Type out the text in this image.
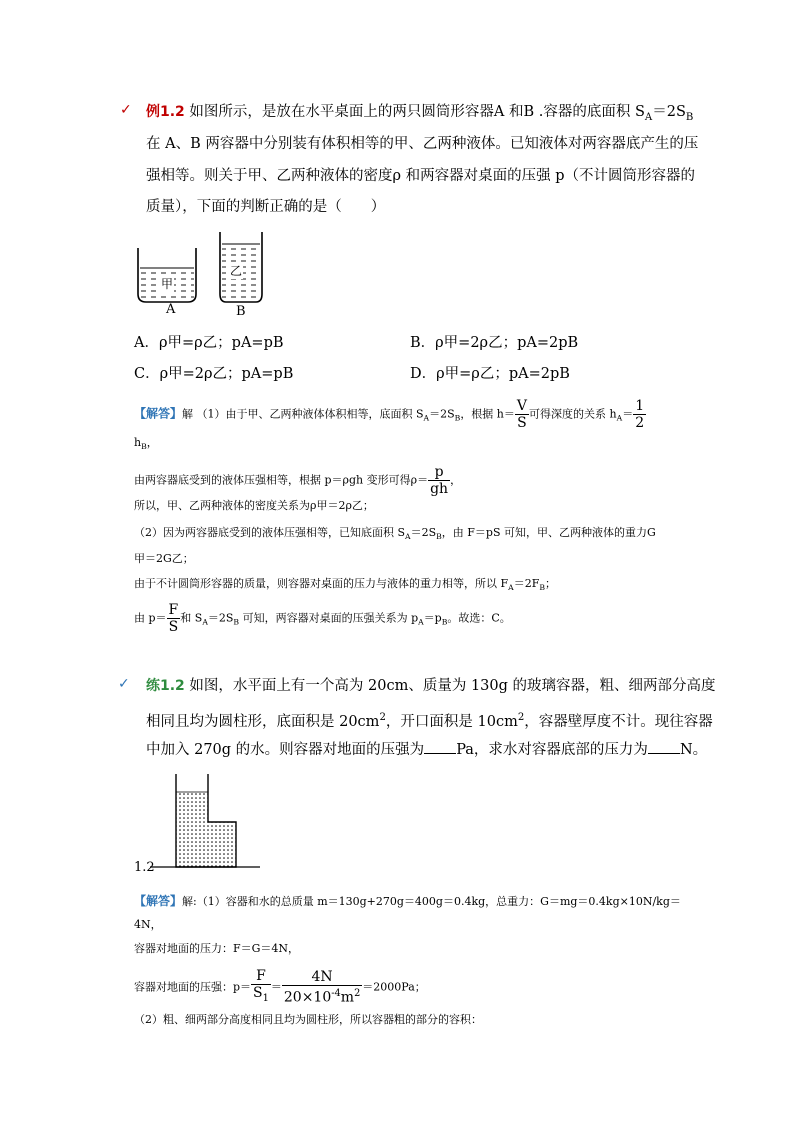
✓ 例1.2 如图所示，是放在水平桌面上的两只圆筒形容器A 和B .容器的底面积 $S_A=2S_B$
在 A、B 两容器中分别装有体积相等的甲、乙两种液体。已知液体对两容器底产生的压
强相等。则关于甲、乙两种液体的密度ρ 和两容器对桌面的压强 p（不计圆筒形容器的
质量），下面的判断正确的是（　　）
甲
乙
A	B
A．ρ甲=ρ乙；pA=pB	B．ρ甲=2ρ乙；pA=2pB
C．ρ甲=2ρ乙；pA=pB	D．ρ甲=ρ乙；pA=2pB
【解答】解 （1）由于甲、乙两种液体体积相等，底面积 $S_A=2S_B$，根据 $h= \frac{V}{S}$ 可得深度的关系 $h_A= \frac{1}{2}$
$h_B$，
由两容器底受到的液体压强相等，根据 p＝ρgh 变形可得$\rho= \frac{p}{gh}$ ，
所以，甲、乙两种液体的密度关系为ρ甲＝2ρ乙；
（2）因为两容器底受到的液体压强相等，已知底面积 $S_A=2S_B$，由 F＝pS 可知，甲、乙两种液体的重力G
甲＝2G乙；
由于不计圆筒形容器的质量，则容器对桌面的压力与液体的重力相等，所以 $F_A=2F_B$；
由 $p= \frac{F}{S}$ 和 $S_A=2S_B$ 可知，两容器对桌面的压强关系为 $p_A=p_B$。故选：C。
✓ 练1.2 如图，水平面上有一个高为 20cm、质量为 130g 的玻璃容器，粗、细两部分高度
相同且均为圆柱形，底面积是 $20cm^2$，开口面积是 $10cm^2$，容器壁厚度不计。现往容器
中加入 270g 的水。则容器对地面的压强为 Pa，求水对容器底部的压力为 N。
1.2
【解答】解:（1）容器和水的总质量 m＝130g+270g＝400g＝0.4kg，总重力：G＝mg＝0.4kg×10N/kg＝
4N，
容器对地面的压力：F＝G＝4N，
容器对地面的压强：$p= \frac{F}{S_1} = \frac{4N}{20\times 10^{-4}m^2} =2000Pa$；
（2）粗、细两部分高度相同且均为圆柱形，所以容器粗的部分的容积：
